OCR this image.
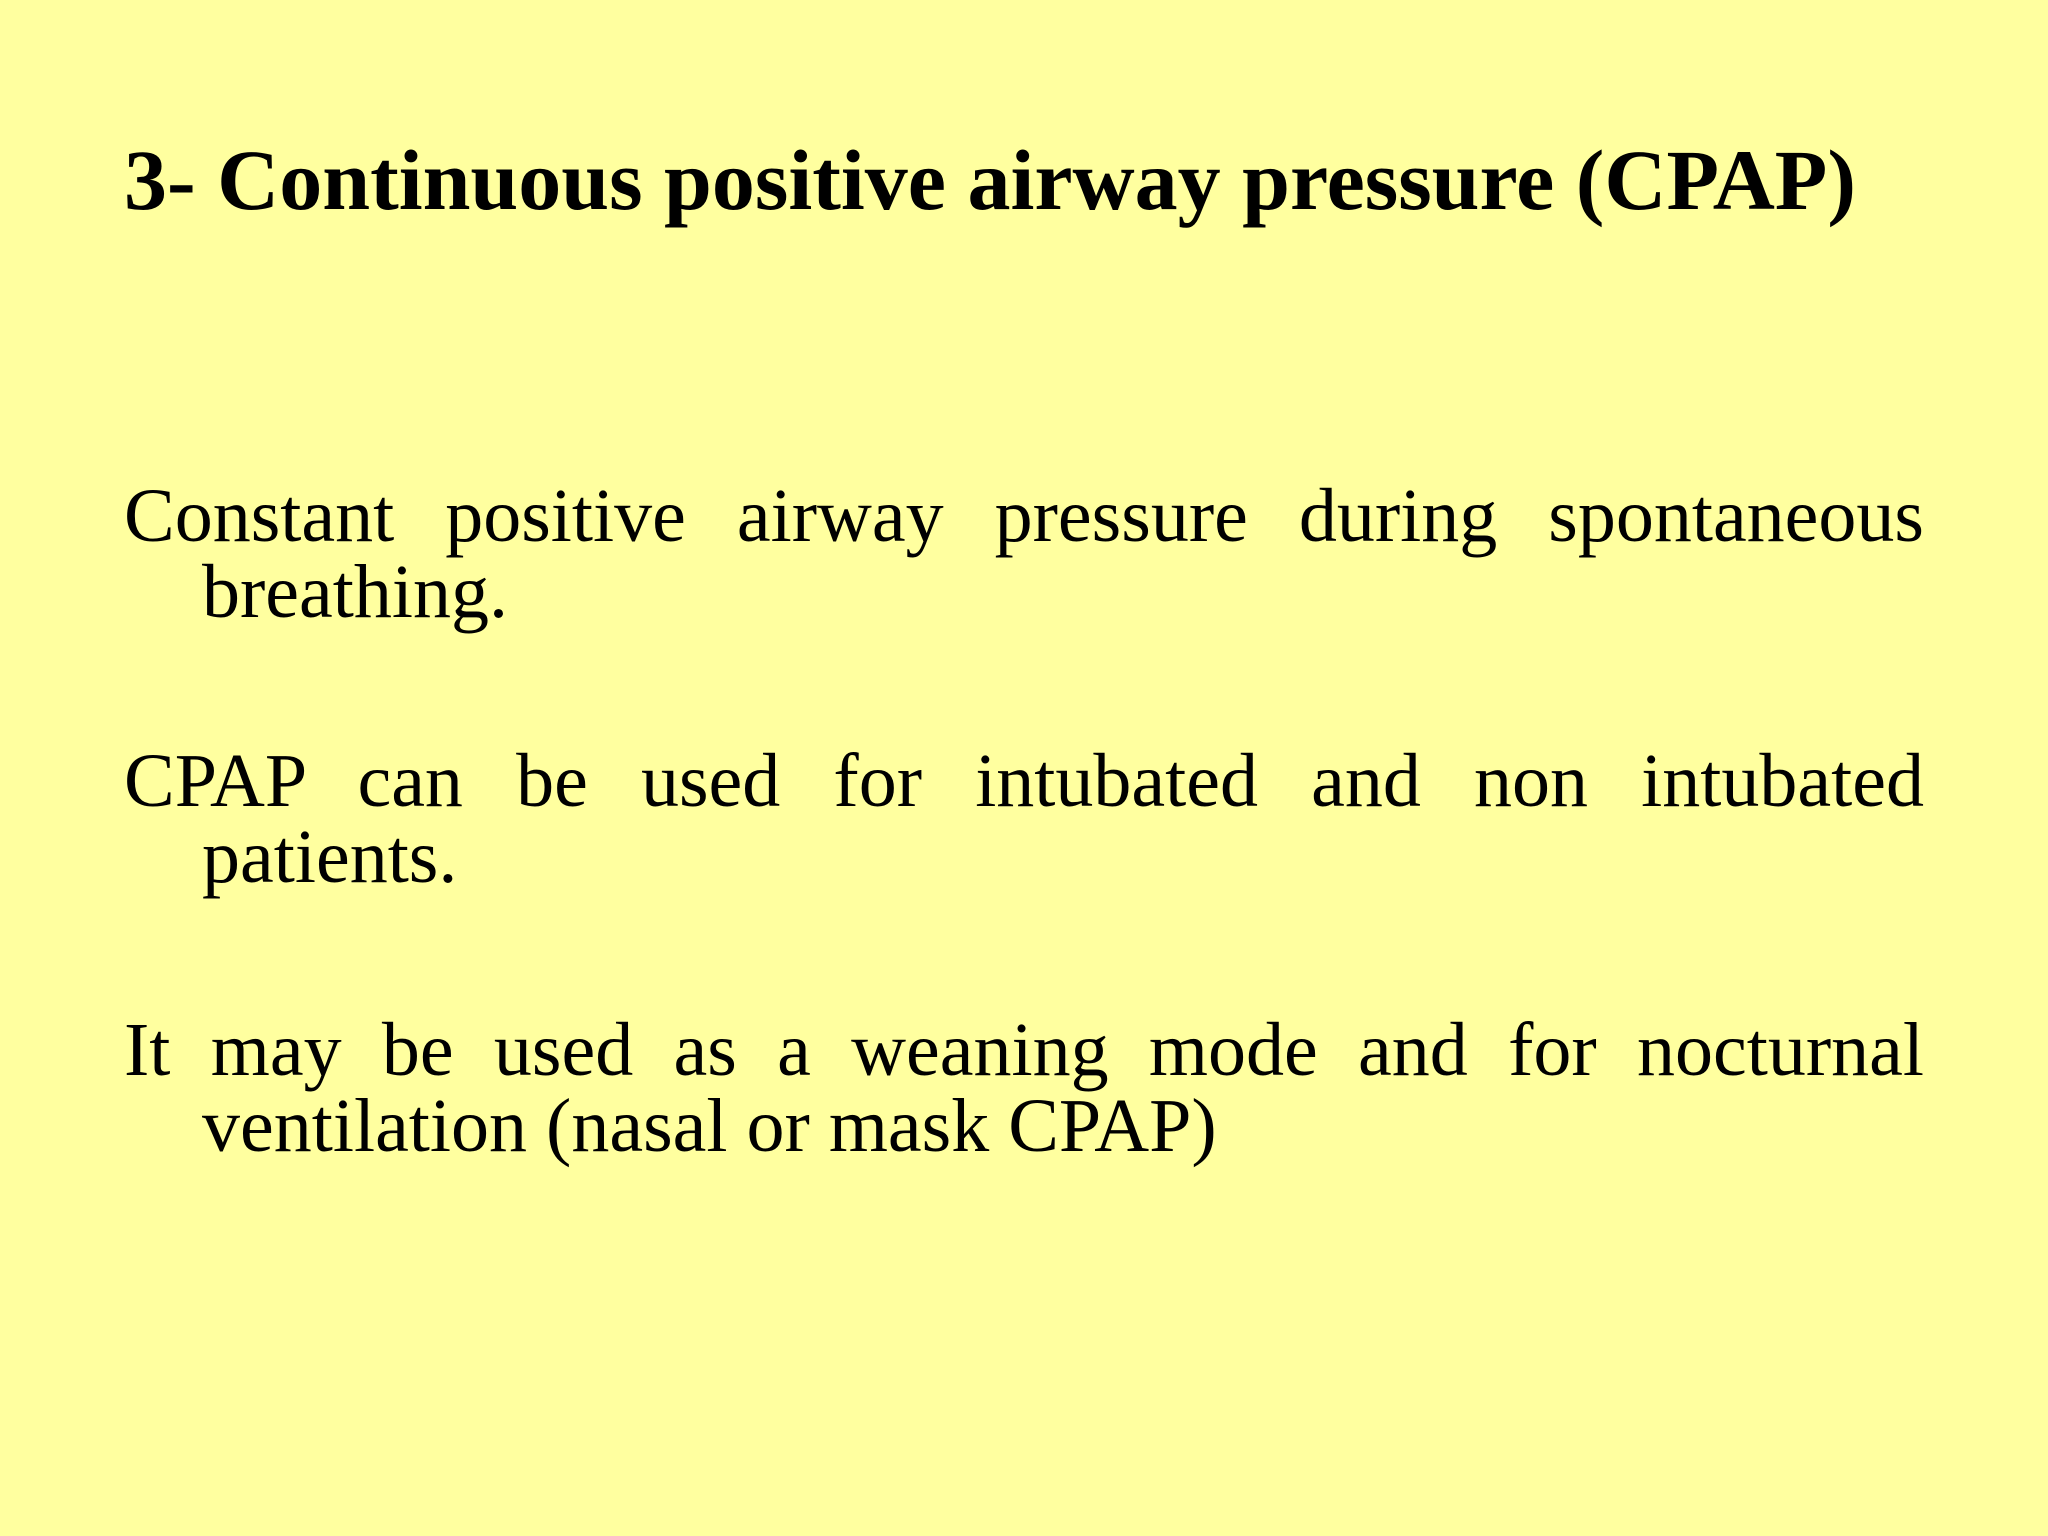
3- Continuous positive airway pressure (CPAP)

Constant positive airway pressure during spontaneous breathing.

CPAP can be used for intubated and non intubated patients.

It may be used as a weaning mode and for nocturnal ventilation (nasal or mask CPAP)
